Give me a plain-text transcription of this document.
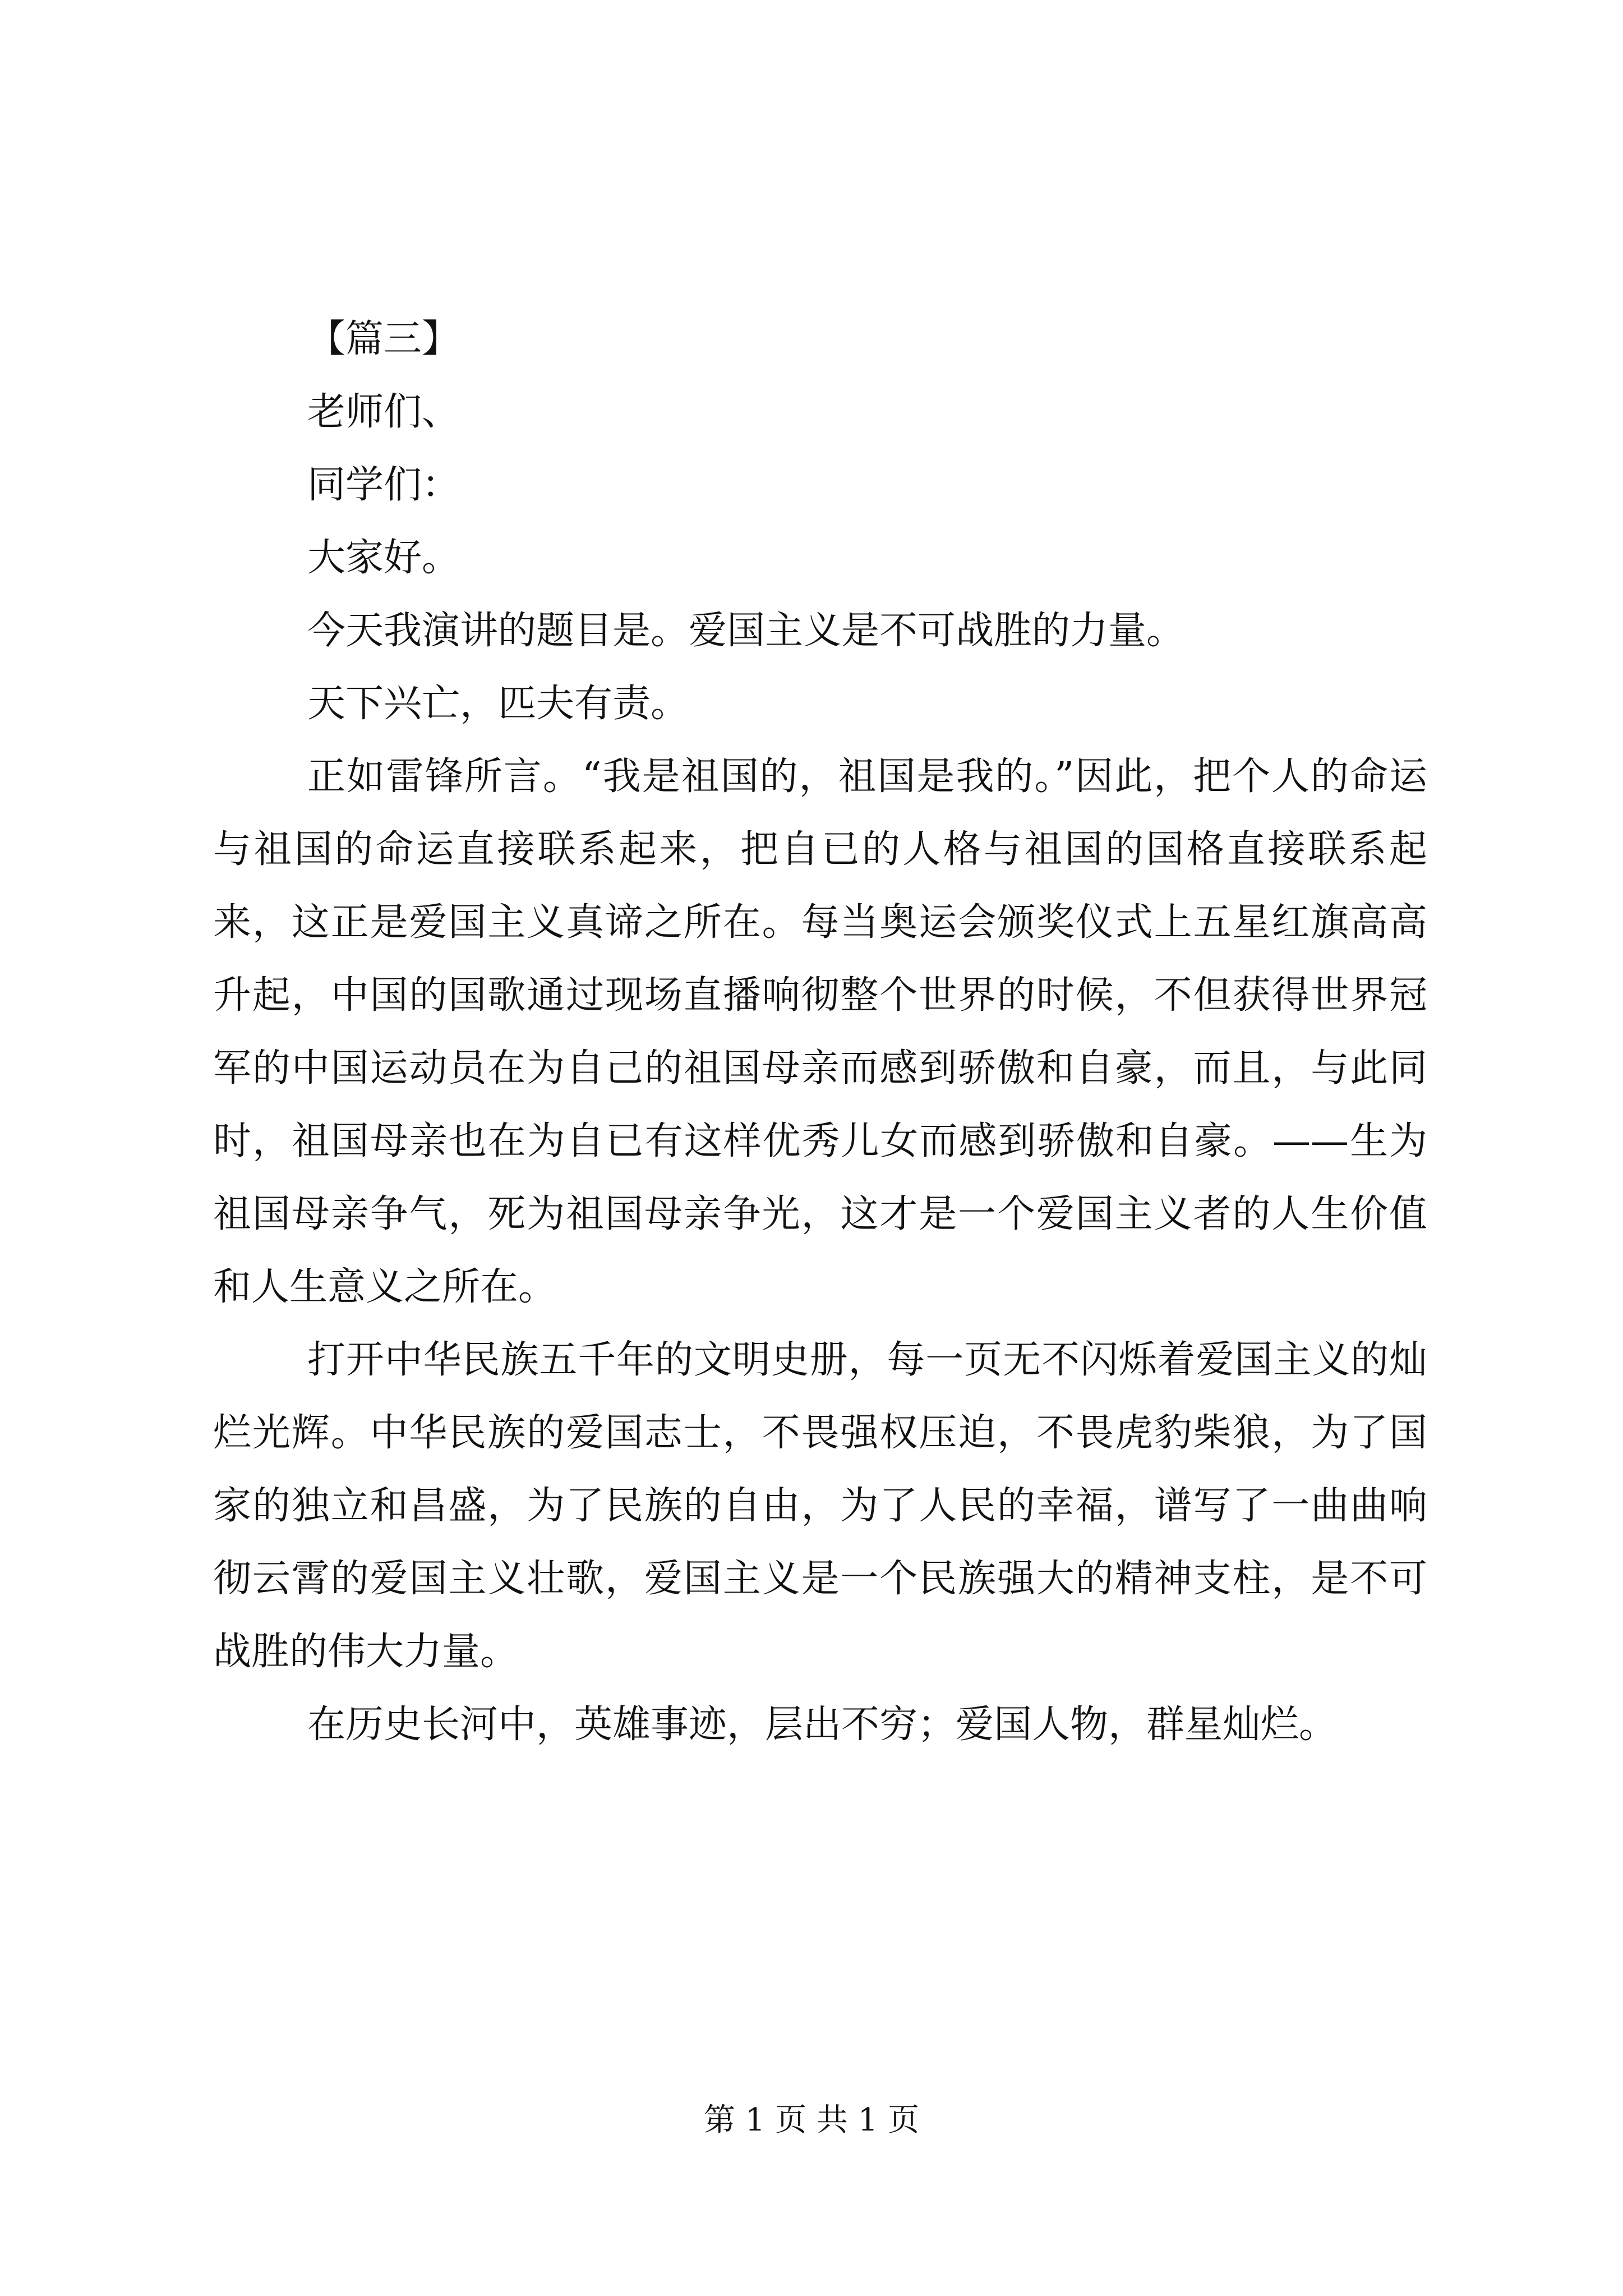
【篇三】

老师们、

同学们：

大家好。

今天我演讲的题目是。爱国主义是不可战胜的力量。

天下兴亡，匹夫有责。

正如雷锋所言。“我是祖国的，祖国是我的。”因此，把个人的命运与祖国的命运直接联系起来，把自已的人格与祖国的国格直接联系起来，这正是爱国主义真谛之所在。每当奥运会颁奖仪式上五星红旗高高升起，中国的国歌通过现场直播响彻整个世界的时候，不但获得世界冠军的中国运动员在为自己的祖国母亲而感到骄傲和自豪，而且，与此同时，祖国母亲也在为自已有这样优秀儿女而感到骄傲和自豪。——生为祖国母亲争气，死为祖国母亲争光，这才是一个爱国主义者的人生价值和人生意义之所在。

打开中华民族五千年的文明史册，每一页无不闪烁着爱国主义的灿烂光辉。中华民族的爱国志士，不畏强权压迫，不畏虎豹柴狼，为了国家的独立和昌盛，为了民族的自由，为了人民的幸福，谱写了一曲曲响彻云霄的爱国主义壮歌，爱国主义是一个民族强大的精神支柱，是不可战胜的伟大力量。

在历史长河中，英雄事迹，层出不穷；爱国人物，群星灿烂。

第 1 页 共 1 页
